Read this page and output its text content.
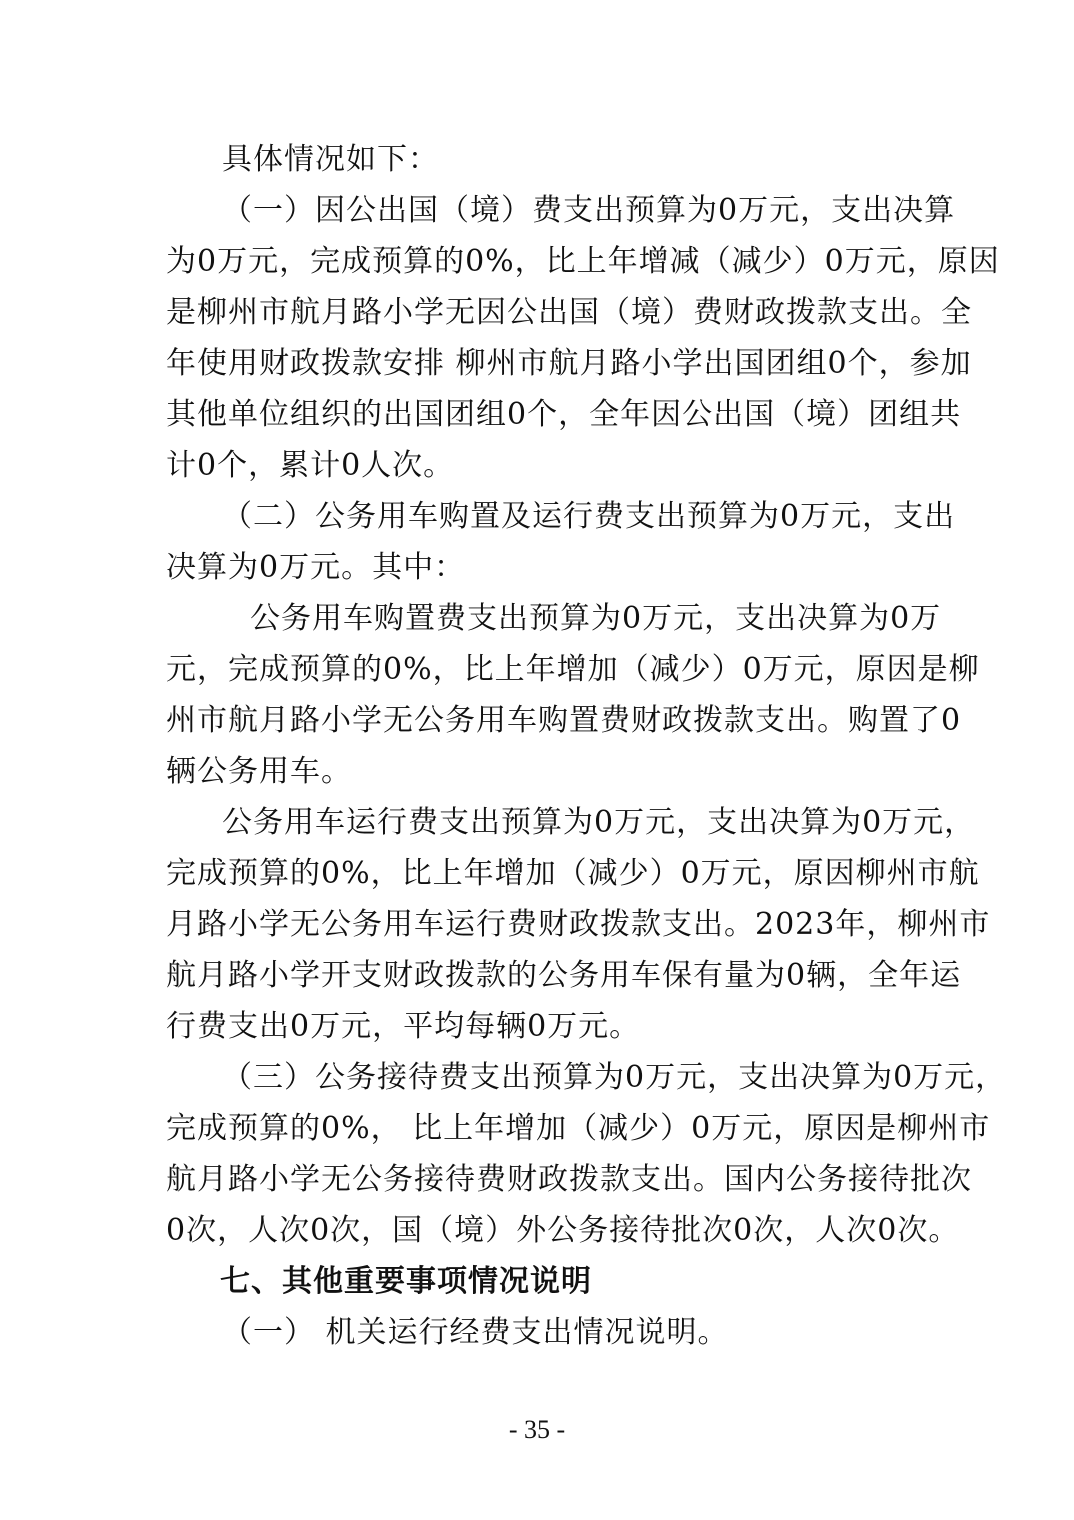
具体情况如下：
（一）因公出国（境）费支出预算为0万元，支出决算
为0万元，完成预算的0%，比上年增减（减少）0万元，原因
是柳州市航月路小学无因公出国（境）费财政拨款支出。全
年使用财政拨款安排 柳州市航月路小学出国团组0个，参加
其他单位组织的出国团组0个，全年因公出国（境）团组共
计0个，累计0人次。
（二）公务用车购置及运行费支出预算为0万元，支出
决算为0万元。其中：
公务用车购置费支出预算为0万元，支出决算为0万
元，完成预算的0%，比上年增加（减少）0万元，原因是柳
州市航月路小学无公务用车购置费财政拨款支出。购置了0
辆公务用车。
公务用车运行费支出预算为0万元，支出决算为0万元，
完成预算的0%，比上年增加（减少）0万元，原因柳州市航
月路小学无公务用车运行费财政拨款支出。2023年，柳州市
航月路小学开支财政拨款的公务用车保有量为0辆，全年运
行费支出0万元，平均每辆0万元。
（三）公务接待费支出预算为0万元，支出决算为0万元，
完成预算的0%， 比上年增加（减少）0万元，原因是柳州市
航月路小学无公务接待费财政拨款支出。国内公务接待批次
0次，人次0次，国（境）外公务接待批次0次，人次0次。
七、其他重要事项情况说明
（一） 机关运行经费支出情况说明。
- 35 -
